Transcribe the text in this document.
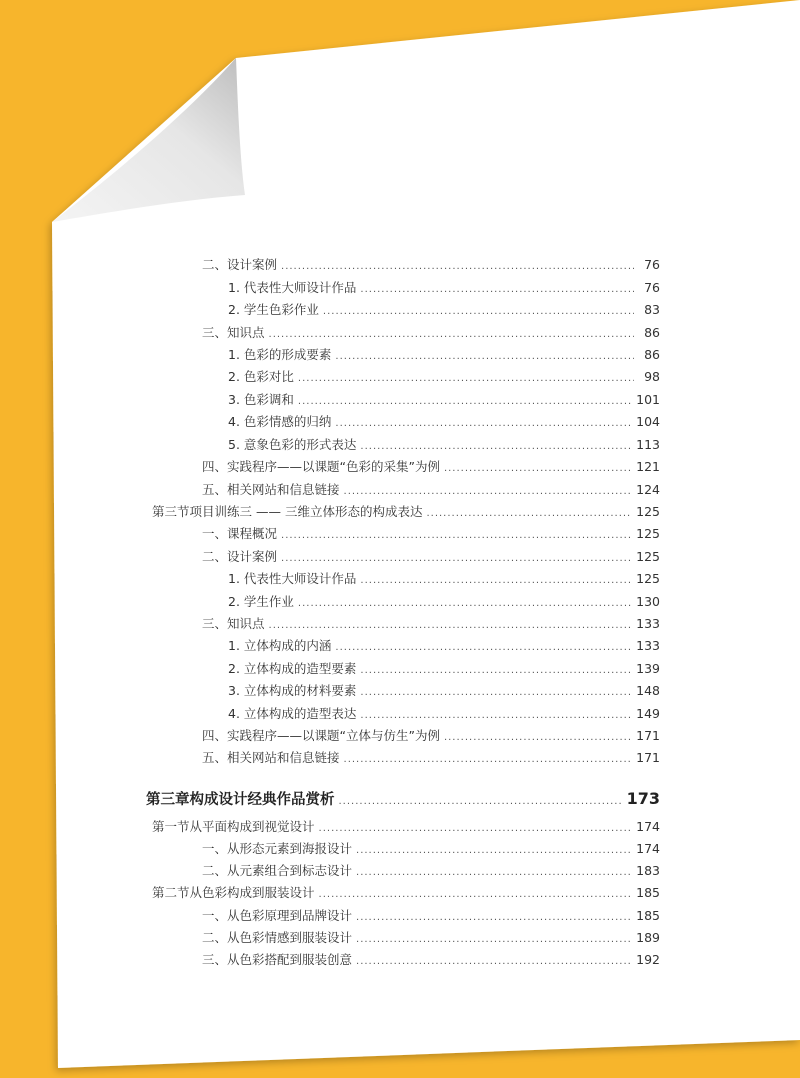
二、设计案例 .....	76
1. 代表性大师设计作品 .....	76
2. 学生色彩作业 .....	83
三、知识点 .....	86
1. 色彩的形成要素 .....	86
2. 色彩对比 .....	98
3. 色彩调和 .....	101
4. 色彩情感的归纳 .....	104
5. 意象色彩的形式表达 .....	113
四、实践程序——以课题“色彩的采集”为例 .....	121
五、相关网站和信息链接 .....	124
第三节 项目训练三 —— 三维立体形态的构成表达 .....	125
一、课程概况 .....	125
二、设计案例 .....	125
1. 代表性大师设计作品 .....	125
2. 学生作业 .....	130
三、知识点 .....	133
1. 立体构成的内涵 .....	133
2. 立体构成的造型要素 .....	139
3. 立体构成的材料要素 .....	148
4. 立体构成的造型表达 .....	149
四、实践程序——以课题“立体与仿生”为例 .....	171
五、相关网站和信息链接 .....	171
第三章 构成设计经典作品赏析 .....	173
第一节 从平面构成到视觉设计 .....	174
一、从形态元素到海报设计 .....	174
二、从元素组合到标志设计 .....	183
第二节 从色彩构成到服装设计 .....	185
一、从色彩原理到品牌设计 .....	185
二、从色彩情感到服装设计 .....	189
三、从色彩搭配到服装创意 .....	192
